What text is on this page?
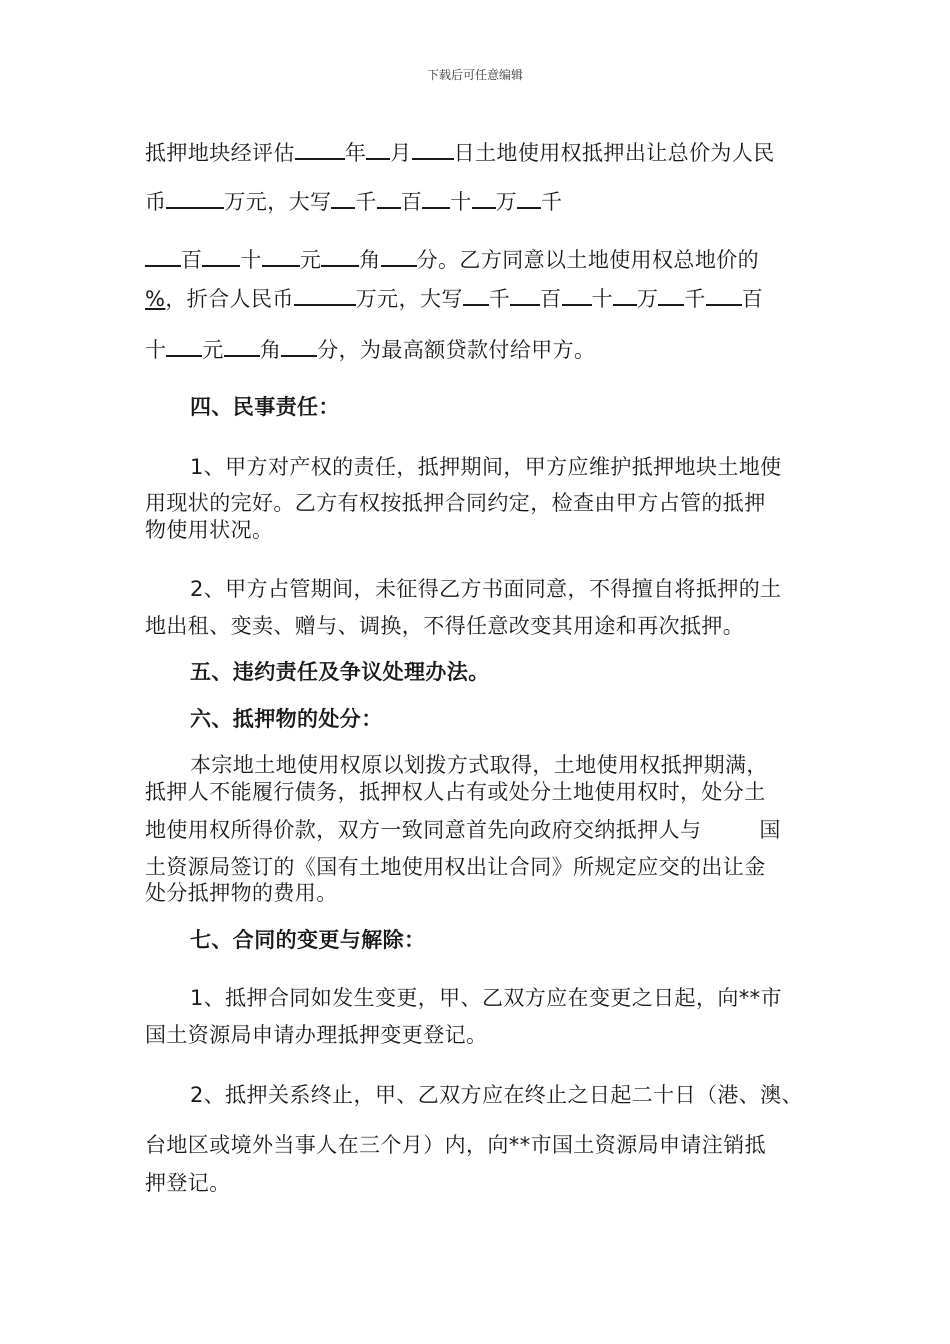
下载后可任意编辑
抵押地块经评估 年 月 日土地使用权抵押出让总价为人民
币	万元，大写 千 百 十 万 千
百 十 元 角 分。乙方同意以土地使用权总地价的
%，折合人民币	万元，大写 千 百 十 万 千 百
十 元 角 分，为最高额贷款付给甲方。
四、民事责任：
1、甲方对产权的责任，抵押期间，甲方应维护抵押地块土地使
用现状的完好。乙方有权按抵押合同约定，检查由甲方占管的抵押
物使用状况。
2、甲方占管期间，未征得乙方书面同意，不得擅自将抵押的土
地出租、变卖、赠与、调换，不得任意改变其用途和再次抵押。
五、违约责任及争议处理办法。
六、抵押物的处分：
本宗地土地使用权原以划拨方式取得，土地使用权抵押期满，
抵押人不能履行债务，抵押权人占有或处分土地使用权时，处分土
地使用权所得价款，双方一致同意首先向政府交纳抵押人与	国
土资源局签订的《国有土地使用权出让合同》所规定应交的出让金
处分抵押物的费用。
七、合同的变更与解除：
1、抵押合同如发生变更，甲、乙双方应在变更之日起，向**市
国土资源局申请办理抵押变更登记。
2、抵押关系终止，甲、乙双方应在终止之日起二十日（港、澳、
台地区或境外当事人在三个月）内，向**市国土资源局申请注销抵
押登记。
